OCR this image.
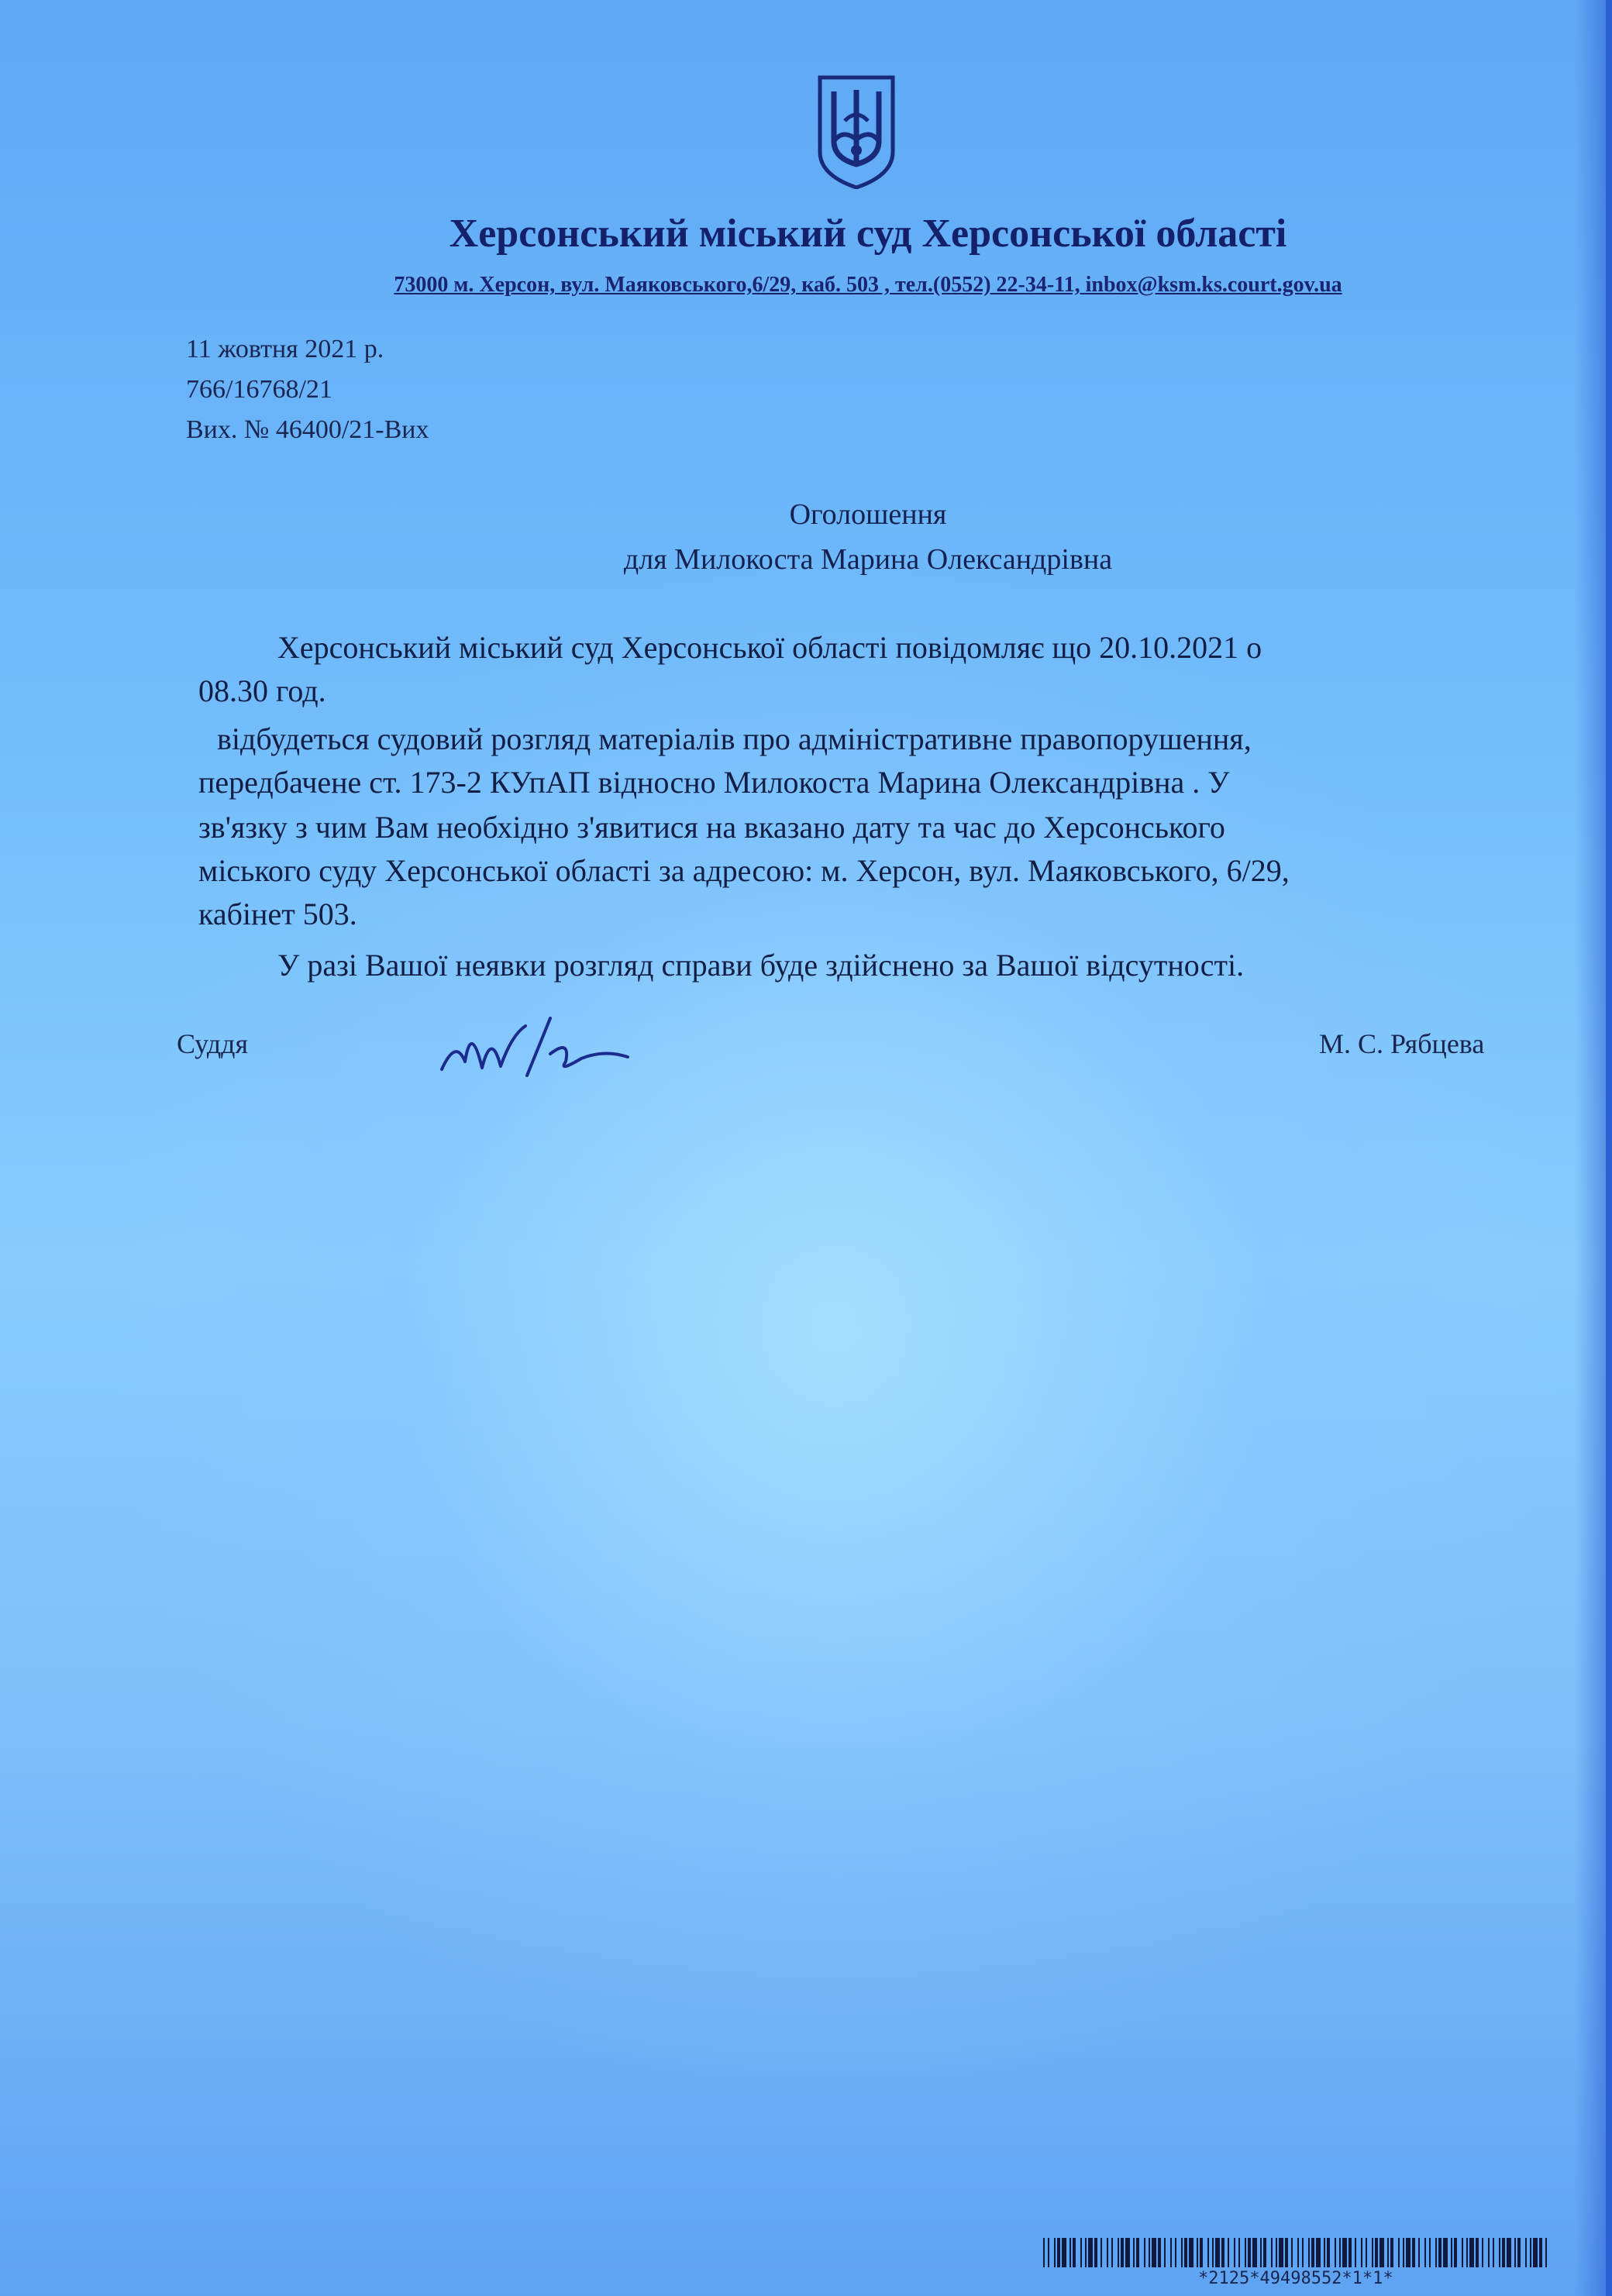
Херсонський міський суд Херсонської області
73000 м. Херсон, вул. Маяковського,6/29, каб. 503 , тел.(0552) 22-34-11, inbox@ksm.ks.court.gov.ua
11 жовтня 2021 р.
766/16768/21
Вих. № 46400/21-Вих
Оголошення
для Милокоста Марина Олександрівна
Херсонський міський суд Херсонської області повідомляє що 20.10.2021 о
08.30 год.
відбудеться судовий розгляд матеріалів про адміністративне правопорушення,
передбачене ст. 173-2 КУпАП відносно Милокоста Марина Олександрівна . У
зв'язку з чим Вам необхідно з'явитися на вказано дату та час до Херсонського
міського суду Херсонської області за адресою: м. Херсон, вул. Маяковського, 6/29,
кабінет 503.
У разі Вашої неявки розгляд справи буде здійснено за Вашої відсутності.
Суддя	М. С. Рябцева
*2125*49498552*1*1*
